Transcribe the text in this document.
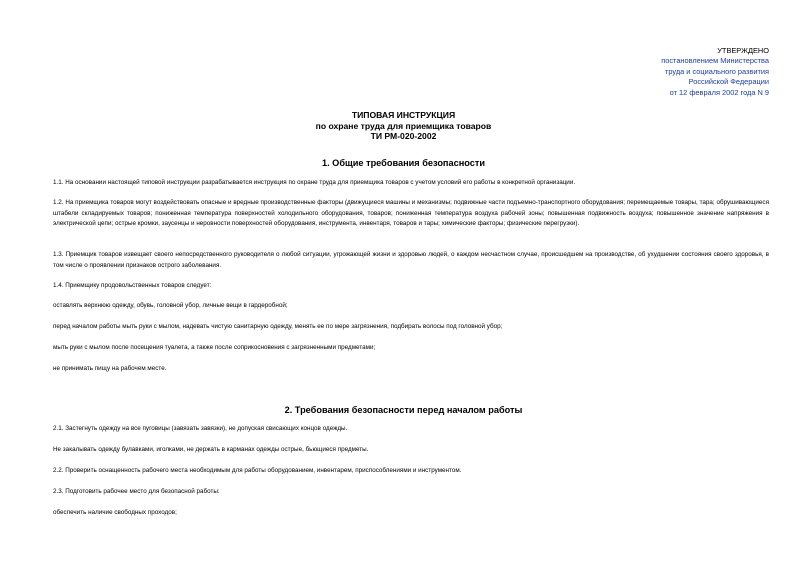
УТВЕРЖДЕНО
постановлением Министерства
труда и социального развития
Российской Федерации
от 12 февраля 2002 года N 9
ТИПОВАЯ ИНСТРУКЦИЯ
по охране труда для приемщика товаров
ТИ РМ-020-2002
1. Общие требования безопасности
1.1. На основании настоящей типовой инструкции разрабатывается инструкция по охране труда для приемщика товаров с учетом условий его работы в конкретной организации.
1.2. На приемщика товаров могут воздействовать опасные и вредные производственные факторы (движущиеся машины и механизмы; подвижные части подъемно-транспортного оборудования; перемещаемые товары, тара; обрушивающиеся штабели складируемых товаров; пониженная температура поверхностей холодильного оборудования, товаров; пониженная температура воздуха рабочей зоны; повышенная подвижность воздуха; повышенное значение напряжения в электрической цепи; острые кромки, заусенцы и неровности поверхностей оборудования, инструмента, инвентаря, товаров и тары; химические факторы; физические перегрузки).
1.3. Приемщик товаров извещает своего непосредственного руководителя о любой ситуации, угрожающей жизни и здоровью людей, о каждом несчастном случае, происшедшем на производстве, об ухудшении состояния своего здоровья, в том числе о проявлении признаков острого заболевания.
1.4. Приемщику продовольственных товаров следует:
оставлять верхнюю одежду, обувь, головной убор, личные вещи в гардеробной;
перед началом работы мыть руки с мылом, надевать чистую санитарную одежду, менять ее по мере загрязнения, подбирать волосы под головной убор;
мыть руки с мылом после посещения туалета, а также после соприкосновения с загрязненными предметами;
не принимать пищу на рабочем месте.
2. Требования безопасности перед началом работы
2.1. Застегнуть одежду на все пуговицы (завязать завязки), не допуская свисающих концов одежды.
Не закалывать одежду булавками, иголками, не держать в карманах одежды острые, бьющиеся предметы.
2.2. Проверить оснащенность рабочего места необходимым для работы оборудованием, инвентарем, приспособлениями и инструментом.
2.3. Подготовить рабочее место для безопасной работы:
обеспечить наличие свободных проходов;
